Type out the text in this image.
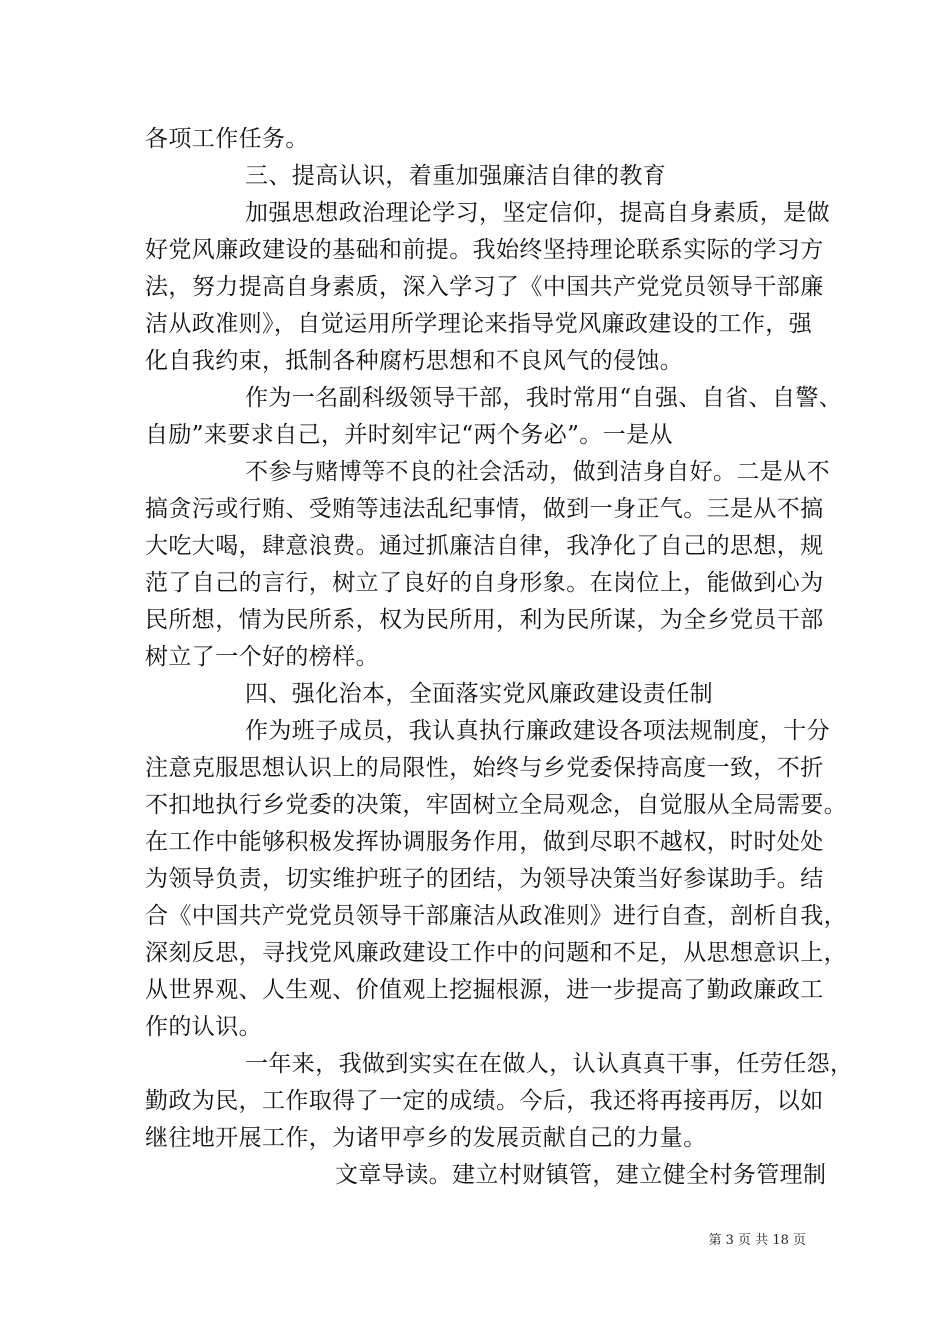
各项工作任务。
三、提高认识，着重加强廉洁自律的教育
加强思想政治理论学习，坚定信仰，提高自身素质，是做
好党风廉政建设的基础和前提。我始终坚持理论联系实际的学习方
法，努力提高自身素质，深入学习了《中国共产党党员领导干部廉
洁从政准则》，自觉运用所学理论来指导党风廉政建设的工作，强
化自我约束，抵制各种腐朽思想和不良风气的侵蚀。
作为一名副科级领导干部，我时常用“自强、自省、自警、
自励”来要求自己，并时刻牢记“两个务必”。一是从
不参与赌博等不良的社会活动，做到洁身自好。二是从不
搞贪污或行贿、受贿等违法乱纪事情，做到一身正气。三是从不搞
大吃大喝，肆意浪费。通过抓廉洁自律，我净化了自己的思想，规
范了自己的言行，树立了良好的自身形象。在岗位上，能做到心为
民所想，情为民所系，权为民所用，利为民所谋，为全乡党员干部
树立了一个好的榜样。
四、强化治本，全面落实党风廉政建设责任制
作为班子成员，我认真执行廉政建设各项法规制度，十分
注意克服思想认识上的局限性，始终与乡党委保持高度一致，不折
不扣地执行乡党委的决策，牢固树立全局观念，自觉服从全局需要。
在工作中能够积极发挥协调服务作用，做到尽职不越权，时时处处
为领导负责，切实维护班子的团结，为领导决策当好参谋助手。结
合《中国共产党党员领导干部廉洁从政准则》进行自查，剖析自我，
深刻反思，寻找党风廉政建设工作中的问题和不足，从思想意识上，
从世界观、人生观、价值观上挖掘根源，进一步提高了勤政廉政工
作的认识。
一年来，我做到实实在在做人，认认真真干事，任劳任怨，
勤政为民，工作取得了一定的成绩。今后，我还将再接再厉，以如
继往地开展工作，为诸甲亭乡的发展贡献自己的力量。
文章导读。建立村财镇管，建立健全村务管理制
第 3 页 共 18 页
